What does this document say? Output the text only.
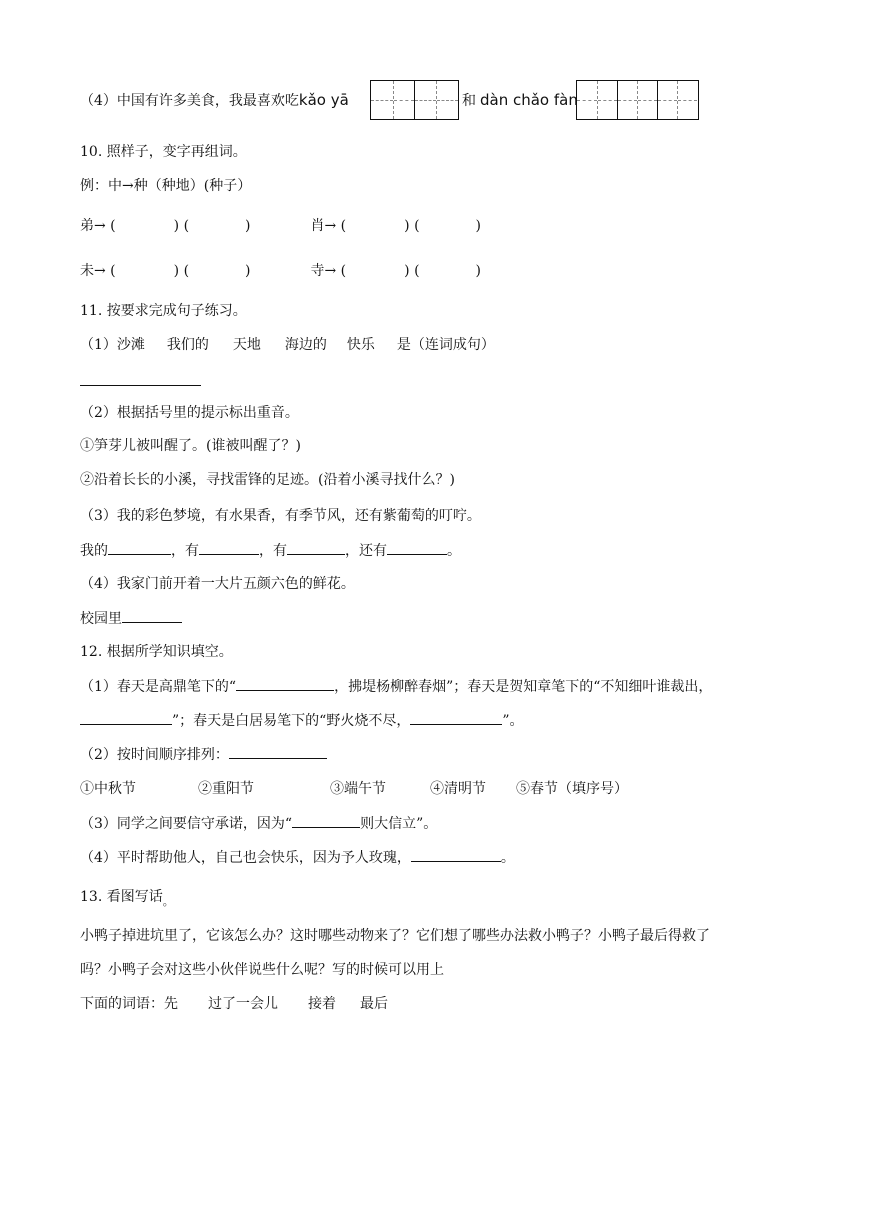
（4）中国有许多美食，我最喜欢吃kǎo yā	和 dàn chǎo fàn
10. 照样子，变字再组词。
例：中→种（种地）(种子）
弟→ (	) (	)	肖→ (	) (	)
未→ (	) (	)	寺→ (	) (	)
11. 按要求完成句子练习。
（1）沙滩 我们的 天地 海边的 快乐 是（连词成句）
（2）根据括号里的提示标出重音。
①笋芽儿被叫醒了。(谁被叫醒了？)
②沿着长长的小溪，寻找雷锋的足迹。(沿着小溪寻找什么？)
（3）我的彩色梦境，有水果香，有季节风，还有紫葡萄的叮咛。
我的	，有	，有	，还有	。
（4）我家门前开着一大片五颜六色的鲜花。
校园里
12. 根据所学知识填空。
（1）春天是高鼎笔下的“	，拂堤杨柳醉春烟”；春天是贺知章笔下的“不知细叶谁裁出，
”；春天是白居易笔下的“野火烧不尽，	”。
（2）按时间顺序排列：
①中秋节	②重阳节	③端午节	④清明节 ⑤春节（填序号）
（3）同学之间要信守承诺，因为“	则大信立”。
（4）平时帮助他人，自己也会快乐，因为予人玫瑰，	。
13. 看图写话$_。$
小鸭子掉进坑里了，它该怎么办？这时哪些动物来了？它们想了哪些办法救小鸭子？小鸭子最后得救了
吗？小鸭子会对这些小伙伴说些什么呢？写的时候可以用上
下面的词语：先 过了一会儿 接着 最后
